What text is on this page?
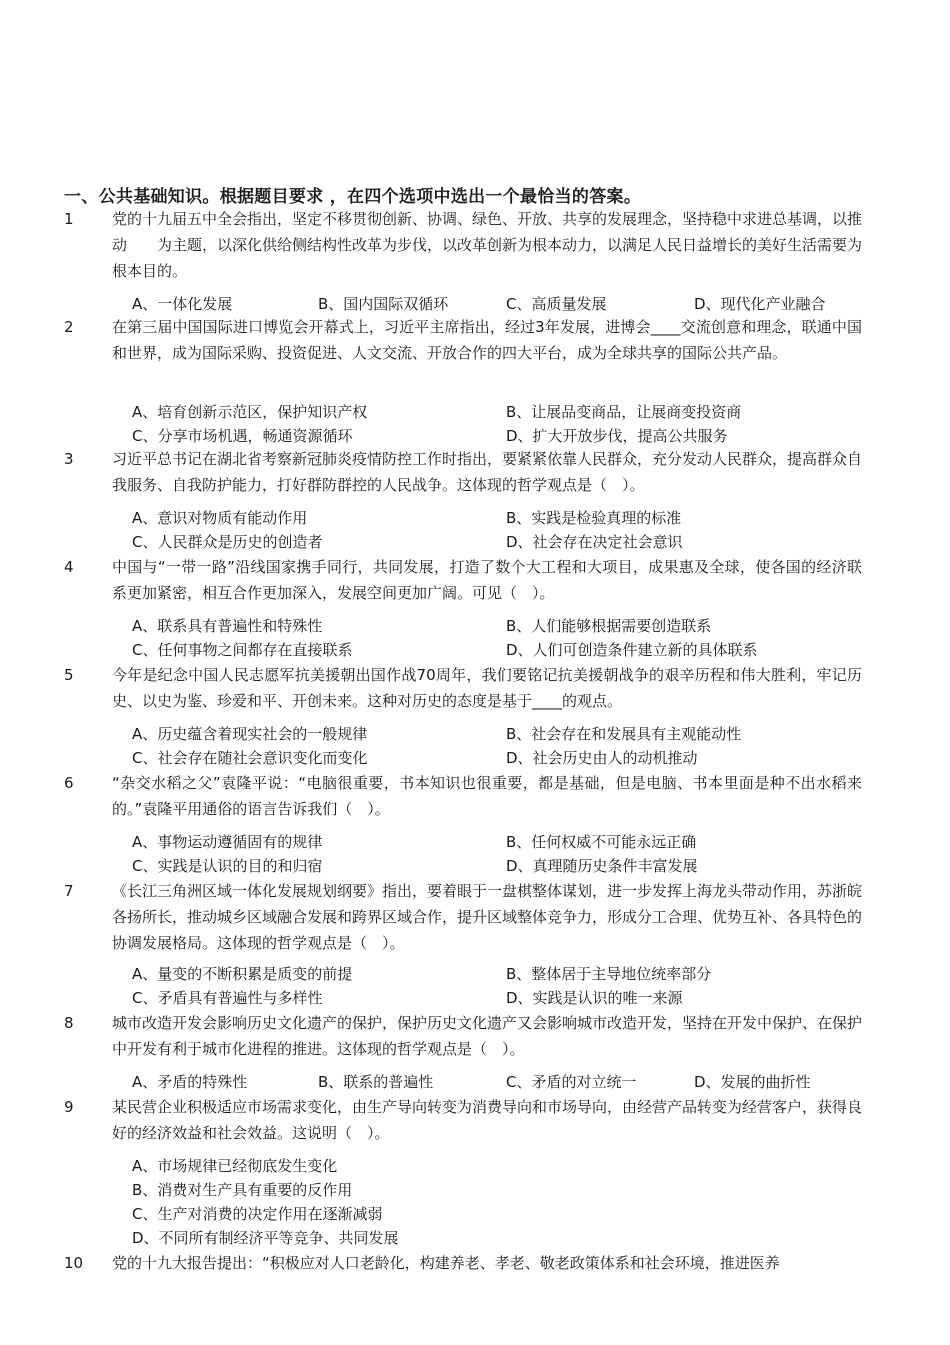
一、公共基础知识。根据题目要求 ，在四个选项中选出一个最恰当的答案。
1	党的十九届五中全会指出，坚定不移贯彻创新、协调、绿色、开放、共享的发展理念，坚持稳中求进总基调，以推动　　为主题，以深化供给侧结构性改革为步伐，以改革创新为根本动力，以满足人民日益增长的美好生活需要为根本目的。
A、一体化发展	B、国内国际双循环	C、高质量发展	D、现代化产业融合
2	在第三届中国国际进口博览会开幕式上，习近平主席指出，经过3年发展，进博会____交流创意和理念，联通中国和世界，成为国际采购、投资促进、人文交流、开放合作的四大平台，成为全球共享的国际公共产品。
A、培育创新示范区，保护知识产权	B、让展品变商品，让展商变投资商
C、分享市场机遇，畅通资源循环	D、扩大开放步伐，提高公共服务
3	习近平总书记在湖北省考察新冠肺炎疫情防控工作时指出，要紧紧依靠人民群众，充分发动人民群众，提高群众自我服务、自我防护能力，打好群防群控的人民战争。这体现的哲学观点是（　）。
A、意识对物质有能动作用	B、实践是检验真理的标准
C、人民群众是历史的创造者	D、社会存在决定社会意识
4	中国与“一带一路”沿线国家携手同行，共同发展，打造了数个大工程和大项目，成果惠及全球，使各国的经济联系更加紧密，相互合作更加深入，发展空间更加广阔。可见（　）。
A、联系具有普遍性和特殊性	B、人们能够根据需要创造联系
C、任何事物之间都存在直接联系	D、人们可创造条件建立新的具体联系
5	今年是纪念中国人民志愿军抗美援朝出国作战70周年，我们要铭记抗美援朝战争的艰辛历程和伟大胜利，牢记历史、以史为鉴、珍爱和平、开创未来。这种对历史的态度是基于____的观点。
A、历史蕴含着现实社会的一般规律	B、社会存在和发展具有主观能动性
C、社会存在随社会意识变化而变化	D、社会历史由人的动机推动
6	“杂交水稻之父”袁隆平说：“电脑很重要，书本知识也很重要，都是基础，但是电脑、书本里面是种不出水稻来的。”袁隆平用通俗的语言告诉我们（　）。
A、事物运动遵循固有的规律	B、任何权威不可能永远正确
C、实践是认识的目的和归宿	D、真理随历史条件丰富发展
7	《长江三角洲区域一体化发展规划纲要》指出，要着眼于一盘棋整体谋划，进一步发挥上海龙头带动作用，苏浙皖各扬所长，推动城乡区域融合发展和跨界区域合作，提升区域整体竞争力，形成分工合理、优势互补、各具特色的协调发展格局。这体现的哲学观点是（　）。
A、量变的不断积累是质变的前提	B、整体居于主导地位统率部分
C、矛盾具有普遍性与多样性	D、实践是认识的唯一来源
8	城市改造开发会影响历史文化遗产的保护，保护历史文化遗产又会影响城市改造开发，坚持在开发中保护、在保护中开发有利于城市化进程的推进。这体现的哲学观点是（　）。
A、矛盾的特殊性	B、联系的普遍性	C、矛盾的对立统一	D、发展的曲折性
9	某民营企业积极适应市场需求变化，由生产导向转变为消费导向和市场导向，由经营产品转变为经营客户，获得良好的经济效益和社会效益。这说明（　）。
A、市场规律已经彻底发生变化
B、消费对生产具有重要的反作用
C、生产对消费的决定作用在逐渐减弱
D、不同所有制经济平等竞争、共同发展
10 党的十九大报告提出：“积极应对人口老龄化，构建养老、孝老、敬老政策体系和社会环境，推进医养
